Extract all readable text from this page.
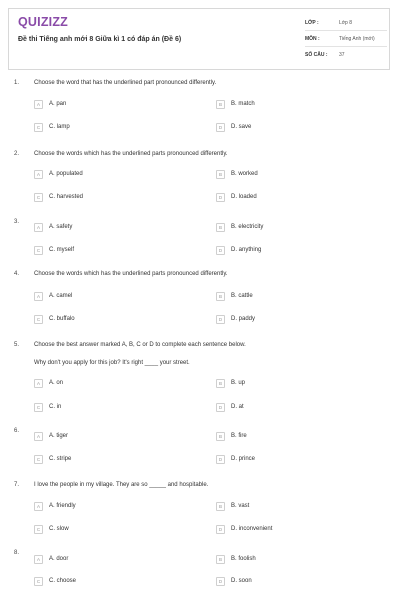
QUIZIZZ
Đề thi Tiếng anh mới 8 Giữa kì 1 có đáp án (Đề 6)
LỚP :	Lớp 8
MÔN :	Tiếng Anh (mới)
SỐ CÂU :	37
1. Choose the word that has the underlined part pronounced differently.
A	A. pan	B	B. match
C	C. lamp	D	D. save
2. Choose the words which has the underlined parts pronounced differently.
A	A. populated	B	B. worked
C	C. harvested	D	D. loaded
3.
A	A. safety	B	B. electricity
C	C. myself	D	D. anything
4. Choose the words which has the underlined parts pronounced differently.
A	A. camel	B	B. cattle
C	C. buffalo	D	D. paddy
5. Choose the best answer marked A, B, C or D to complete each sentence below.
Why don't you apply for this job? It's right ____ your street.
A	A. on	B	B. up
C	C. in	D	D. at
6.
A	A. tiger	B	B. fire
C	C. stripe	D	D. prince
7. I love the people in my village. They are so _____ and hospitable.
A	A. friendly	B	B. vast
C	C. slow	D	D. inconvenient
8.
A	A. door	B	B. foolish
C	C. choose	D	D. soon
